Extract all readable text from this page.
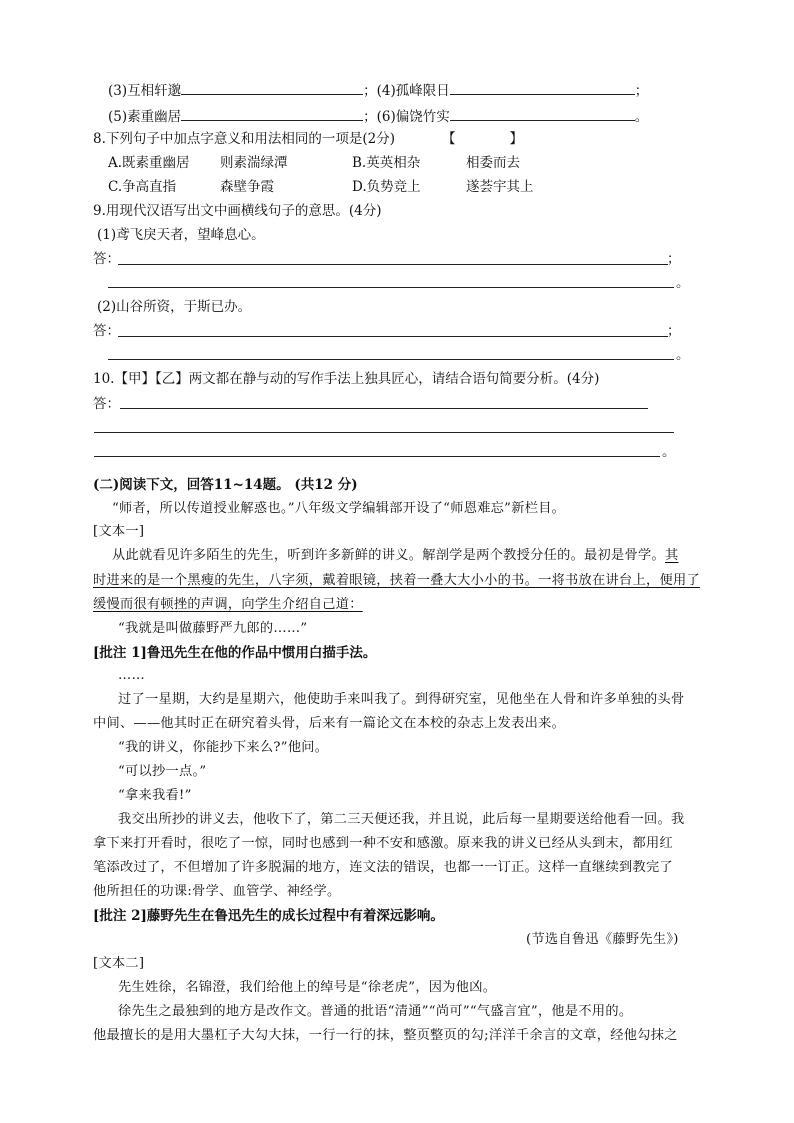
(3)互相轩邈	；(4)孤峰限日	；
(5)素重幽居	；(6)偏饶竹实	。
8.下列句子中加点字意义和用法相同的一项是(2分)	【　　　　】
A.既素重幽居 则素湍绿潭	B.英英相杂	相委而去
C.争高直指	森壁争霞	D.负势竞上	遂荟宇其上
9.用现代汉语写出文中画横线句子的意思。(4分)
(1)鸢飞戾天者，望峰息心。
答：	；
。
(2)山谷所资，于斯已办。
答：	；
。
10.【甲】【乙】两文都在静与动的写作手法上独具匠心，请结合语句简要分析。(4分)
答：
。
(二)阅读下文，回答11~14题。 (共12 分)
“师者，所以传道授业解惑也。”八年级文学编辑部开设了“师恩难忘”新栏目。
[文本一]
从此就看见许多陌生的先生，听到许多新鲜的讲义。解剖学是两个教授分任的。最初是骨学。其
时进来的是一个黑瘦的先生，八字须，戴着眼镜，挟着一叠大大小小的书。一将书放在讲台上，便用了
缓慢而很有顿挫的声调，向学生介绍自己道：
“我就是叫做藤野严九郎的……”
[批注 1]鲁迅先生在他的作品中惯用白描手法。
……
过了一星期，大约是星期六，他使助手来叫我了。到得研究室，见他坐在人骨和许多单独的头骨
中间、——他其时正在研究着头骨，后来有一篇论文在本校的杂志上发表出来。
“我的讲义，你能抄下来么?”他问。
“可以抄一点。”
“拿来我看!”
我交出所抄的讲义去，他收下了，第二三天便还我，并且说，此后每一星期要送给他看一回。我
拿下来打开看时，很吃了一惊，同时也感到一种不安和感激。原来我的讲义已经从头到末，都用红
笔添改过了，不但增加了许多脱漏的地方，连文法的错误，也都一一订正。这样一直继续到教完了
他所担任的功课:骨学、血管学、神经学。
[批注 2]藤野先生在鲁迅先生的成长过程中有着深远影响。
(节选自鲁迅《藤野先生》)
[文本二]
先生姓徐，名锦澄，我们给他上的绰号是“徐老虎”，因为他凶。
徐先生之最独到的地方是改作文。普通的批语“清通”“尚可”“气盛言宜”，他是不用的。
他最擅长的是用大墨杠子大勾大抹，一行一行的抹，整页整页的勾;洋洋千余言的文章，经他勾抹之
